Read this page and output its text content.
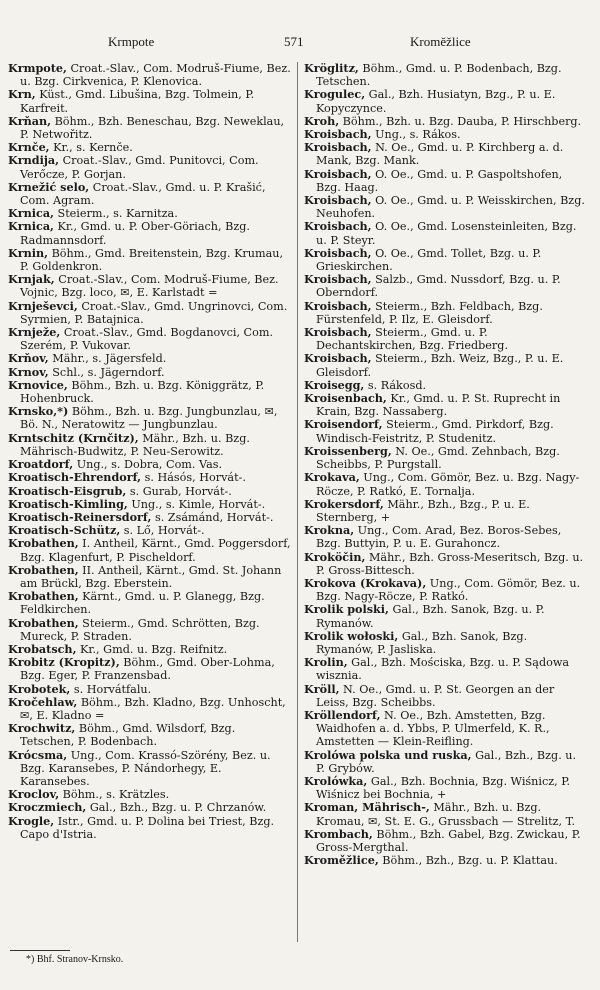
Krmpote	571	Kroměžlice
Krmpote, Croat.-Slav., Com. Modruš-Fiume, Bez. u. Bzg. Cirkvenica, P. Klenovica.
Krn, Küst., Gmd. Libušina, Bzg. Tolmein, P. Karfreit.
Krňan, Böhm., Bzh. Beneschau, Bzg. Neweklau, P. Netwořitz.
Krnče, Kr., s. Kernče.
Krndija, Croat.-Slav., Gmd. Punitovci, Com. Verőcze, P. Gorjan.
Krnežić selo, Croat.-Slav., Gmd. u. P. Krašić, Com. Agram.
Krnica, Steierm., s. Karnitza.
Krnica, Kr., Gmd. u. P. Ober-Göriach, Bzg. Radmannsdorf.
Krnin, Böhm., Gmd. Breitenstein, Bzg. Krumau, P. Goldenkron.
Krnjak, Croat.-Slav., Com. Modruš-Fiume, Bez. Vojnic, Bzg. loco, ✉, E. Karlstadt =
Krnješevci, Croat.-Slav., Gmd. Ungrinovci, Com. Syrmien, P. Batajnica.
Krnježe, Croat.-Slav., Gmd. Bogdanovci, Com. Szerém, P. Vukovar.
Krňov, Mähr., s. Jägersfeld.
Krnov, Schl., s. Jägerndorf.
Krnovice, Böhm., Bzh. u. Bzg. Königgrätz, P. Hohenbruck.
Krnsko,*) Böhm., Bzh. u. Bzg. Jungbunzlau, ✉, Bö. N., Neratowitz — Jungbunzlau.
Krntschitz (Krnčitz), Mähr., Bzh. u. Bzg. Mährisch-Budwitz, P. Neu-Serowitz.
Kroatdorf, Ung., s. Dobra, Com. Vas.
Kroatisch-Ehrendorf, s. Hásós, Horvát-.
Kroatisch-Eisgrub, s. Gurab, Horvát-.
Kroatisch-Kimling, Ung., s. Kimle, Horvát-.
Kroatisch-Reinersdorf, s. Zsámánd, Horvát-.
Kroatisch-Schütz, s. Lő, Horvát-.
Krobathen, I. Antheil, Kärnt., Gmd. Poggersdorf, Bzg. Klagenfurt, P. Pischeldorf.
Krobathen, II. Antheil, Kärnt., Gmd. St. Johann am Brückl, Bzg. Eberstein.
Krobathen, Kärnt., Gmd. u. P. Glanegg, Bzg. Feldkirchen.
Krobathen, Steierm., Gmd. Schrötten, Bzg. Mureck, P. Straden.
Krobatsch, Kr., Gmd. u. Bzg. Reifnitz.
Krobitz (Kropitz), Böhm., Gmd. Ober-Lohma, Bzg. Eger, P. Franzensbad.
Krobotek, s. Horvátfalu.
Kročehlaw, Böhm., Bzh. Kladno, Bzg. Unhoscht, ✉, E. Kladno =
Krochwitz, Böhm., Gmd. Wilsdorf, Bzg. Tetschen, P. Bodenbach.
Krócsma, Ung., Com. Krassó-Szörény, Bez. u. Bzg. Karansebes, P. Nándorhegy, E. Karansebes.
Kroclov, Böhm., s. Krätzles.
Kroczmiech, Gal., Bzh., Bzg. u. P. Chrzanów.
Krogle, Istr., Gmd. u. P. Dolina bei Triest, Bzg. Capo d'Istria.
Kröglitz, Böhm., Gmd. u. P. Bodenbach, Bzg. Tetschen.
Krogulec, Gal., Bzh. Husiatyn, Bzg., P. u. E. Kopyczynce.
Kroh, Böhm., Bzh. u. Bzg. Dauba, P. Hirschberg.
Kroisbach, Ung., s. Rákos.
Kroisbach, N. Oe., Gmd. u. P. Kirchberg a. d. Mank, Bzg. Mank.
Kroisbach, O. Oe., Gmd. u. P. Gaspoltshofen, Bzg. Haag.
Kroisbach, O. Oe., Gmd. u. P. Weisskirchen, Bzg. Neuhofen.
Kroisbach, O. Oe., Gmd. Losensteinleiten, Bzg. u. P. Steyr.
Kroisbach, O. Oe., Gmd. Tollet, Bzg. u. P. Grieskirchen.
Kroisbach, Salzb., Gmd. Nussdorf, Bzg. u. P. Oberndorf.
Kroisbach, Steierm., Bzh. Feldbach, Bzg. Fürstenfeld, P. Ilz, E. Gleisdorf.
Kroisbach, Steierm., Gmd. u. P. Dechantskirchen, Bzg. Friedberg.
Kroisbach, Steierm., Bzh. Weiz, Bzg., P. u. E. Gleisdorf.
Kroisegg, s. Rákosd.
Kroisenbach, Kr., Gmd. u. P. St. Ruprecht in Krain, Bzg. Nassaberg.
Kroisendorf, Steierm., Gmd. Pirkdorf, Bzg. Windisch-Feistritz, P. Studenitz.
Kroissenberg, N. Oe., Gmd. Zehnbach, Bzg. Scheibbs, P. Purgstall.
Krokava, Ung., Com. Gömör, Bez. u. Bzg. Nagy-Röcze, P. Ratkó, E. Tornalja.
Krokersdorf, Mähr., Bzh., Bzg., P. u. E. Sternberg, +
Krokna, Ung., Com. Arad, Bez. Boros-Sebes, Bzg. Buttyin, P. u. E. Gurahoncz.
Kroköčin, Mähr., Bzh. Gross-Meseritsch, Bzg. u. P. Gross-Bittesch.
Krokova (Krokava), Ung., Com. Gömör, Bez. u. Bzg. Nagy-Röcze, P. Ratkó.
Krolik polski, Gal., Bzh. Sanok, Bzg. u. P. Rymanów.
Krolik wołoski, Gal., Bzh. Sanok, Bzg. Rymanów, P. Jasliska.
Krolin, Gal., Bzh. Mościska, Bzg. u. P. Sądowa wisznia.
Kröll, N. Oe., Gmd. u. P. St. Georgen an der Leiss, Bzg. Scheibbs.
Kröllendorf, N. Oe., Bzh. Amstetten, Bzg. Waidhofen a. d. Ybbs, P. Ulmerfeld, K. R., Amstetten — Klein-Reifling.
Krolówa polska und ruska, Gal., Bzh., Bzg. u. P. Grybów.
Krolówka, Gal., Bzh. Bochnia, Bzg. Wiśnicz, P. Wiśnicz bei Bochnia, +
Kroman, Mährisch-, Mähr., Bzh. u. Bzg. Kromau, ✉, St. E. G., Grussbach — Strelitz, T.
Krombach, Böhm., Bzh. Gabel, Bzg. Zwickau, P. Gross-Mergthal.
Kroměžlice, Böhm., Bzh., Bzg. u. P. Klattau.
*) Bhf. Stranov-Krnsko.
